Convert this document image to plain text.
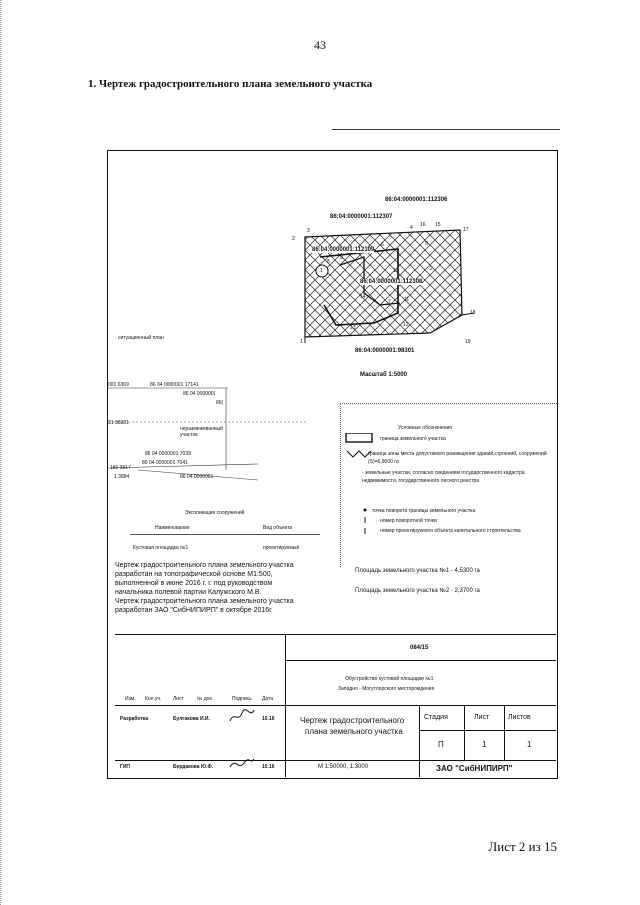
43
1. Чертеж градостроительного плана земельного участка
86:04:0000001:112306
86:04:0000001:112307
86:04:0000001:112309
86:04:0000001:112308
86:04:0000001:98301
1
2
3	4
5
6
7
8
9
10
11
12
13
14
15
16
17
18
19
1	2
Масштаб 1:5000
ситуационный план
001 6369
31:98301
181 3917
1 3884
86 04 0000001 17141
86 04 000000(
86(
неразмежеванный участок
86 04 0000001 7039
86 04 0000001 7041
86 04 0000001
Условные обозначения
граница земельного участка
граница зоны места допустимого размещения зданий,строений, сооружений (S)=6,9000 га
- земельные участки, согласно сведениям государственного кадастра недвижимости, государственного лесного реестра
точка поворота границы земельного участка
номер поворотной точки
номер проектируемого объекта капитального строительства
Площадь земельного участка №1 - 4,5300 га
Площадь земельного участка №2 - 2,3700 га
Экспликация сооружений
Наименование	Вид объекта
Кустовая площадка №1	проектируемый
Чертеж градостроительного плана земельного участка
разработан на топографической основе М1:500,
выполненной в июне 2016 г. г. под руководством
начальника полевой партии Калужского М.В.
Чертеж градостроительного плана земельного участка
разработан ЗАО "СибНИПИРП" в октябре 2016г.
084/15
Обустройство кустовой площадки №1
Западно - Могутлорского месторождения
Изм. Кол.уч. Лист	№ док.	Подпись Дата
Разработка	Булгакова И.И.	10.16
ГИП	Бердакова Ю.Ф.	10.16
Чертеж градостроительного
плана земельного участка
Стадия	Лист	Листов
П	1	1
М 1:50000, 1:3000	ЗАО "СибНИПИРП"
Лист 2 из 15
